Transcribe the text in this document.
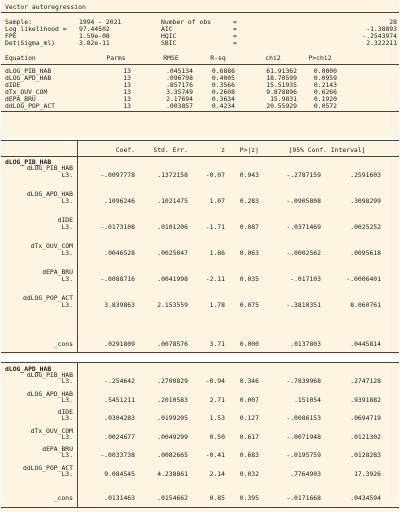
Vector autoregression
Sample:	1994 - 2021	Number of obs	28
=
Log likelihood = 97.44502	=
AIC	-1.38893
FPE	1.59e-08	=
HQIC	-.2543974
Det(Sigma_ml)	3.82e-11	=
SBIC	2.322211
Equation	Parms	RMSE	R-sq	chi2	P>chi2
dLOG_PIB_HAB	13	.045134	0.6886	61.91362	0.0000
dLOG_APD_HAB	13	.096798	0.4005	18.70599	0.0959
dIDE	13	.857176	0.3566	15.51935	0.2143
dTx_OUV_COM	13	3.35749	0.2608	9.878896	0.6266
dEPA_BRU	13	2.17694	0.3634	15.9831	0.1920
ddLOG_POP_ACT	13	.003857	0.4234	20.55929	0.0572
Coef.	Std. Err.	z	P>|z|	[95% Conf. Interval]
dLOG_PIB_HAB
dLOG_PIB_HAB
L3.	-.0097778	.1372158	-0.07	0.943	-.2787159	.2591603
dLOG_APD_HAB
L3.	.1096246	.1021475	1.07	0.283	-.0905808	.3098299
dIDE
L3.	-.0173108	.0101206	-1.71	0.087	-.0371469	.0025252
dTx_OUV_COM
L3.	.0046528	.0025047	1.86	0.063	-.0002562	.0095618
dEPA_BRU
L3.	-.0088716	.0041998	-2.11	0.035	-.017103	-.0006401
ddLOG_POP_ACT
L3.	3.839863	2.153559	1.78	0.075	-.3810351	8.060761
_cons	.0291809	.0078576	3.71	0.000	.0137803	.0445814
dLOG_APD_HAB
dLOG_PIB_HAB
L3.	-.254642	.2700829	-0.94	0.346	-.7839968	.2747128
dLOG_APD_HAB
L3.	.5451211	.2010583	2.71	0.007	.151054	.9391882
dIDE
L3.	.0304283	.0199205	1.53	0.127	-.0086153	.0694719
dTx_OUV_COM
L3.	.0024677	.0049299	0.50	0.617	-.0071948	.0121302
dEPA_BRU
L3.	-.0033738	.0082665	-0.41	0.683	-.0195759	.0128283
ddLOG_POP_ACT
L3.	9.084545	4.238861	2.14	0.032	.7764903	17.3926
_cons	.0131463	.0154662	0.85	0.395	-.0171668	.0434594
